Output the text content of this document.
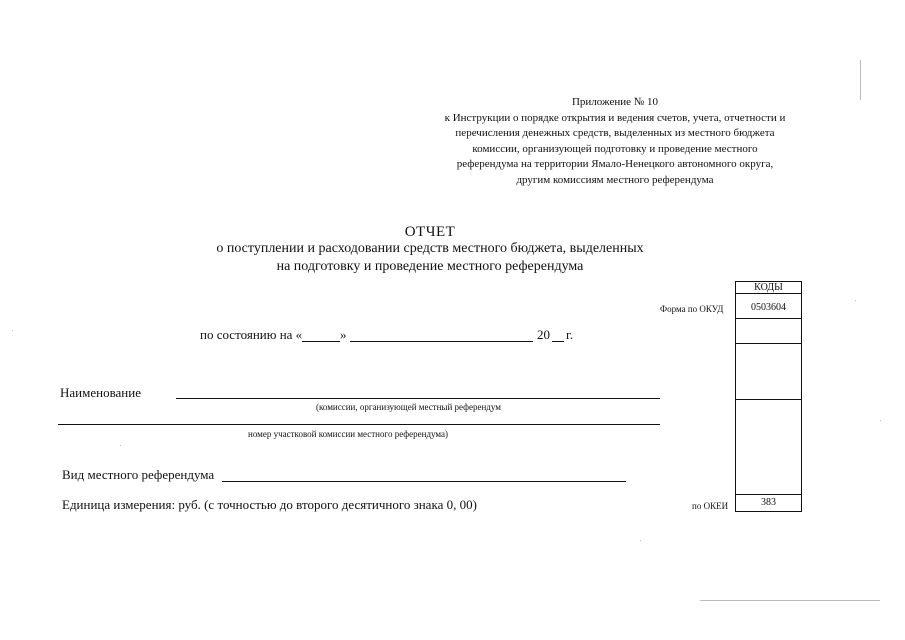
Приложение № 10
к Инструкции о порядке открытия и ведения счетов, учета, отчетности и
перечисления денежных средств, выделенных из местного бюджета
комиссии, организующей подготовку и проведение местного
референдума на территории Ямало-Ненецкого автономного округа,
другим комиссиям местного референдума
ОТЧЕТ
о поступлении и расходовании средств местного бюджета, выделенных
на подготовку и проведение местного референдума
по состоянию на «	»	20 г.
Наименование
(комиссии, организующей местный референдум
номер участковой комиссии местного референдума)
Вид местного референдума
Единица измерения: руб. (с точностью до второго десятичного знака 0, 00)
Форма по ОКУД
по ОКЕИ
КОДЫ
0503604
383
